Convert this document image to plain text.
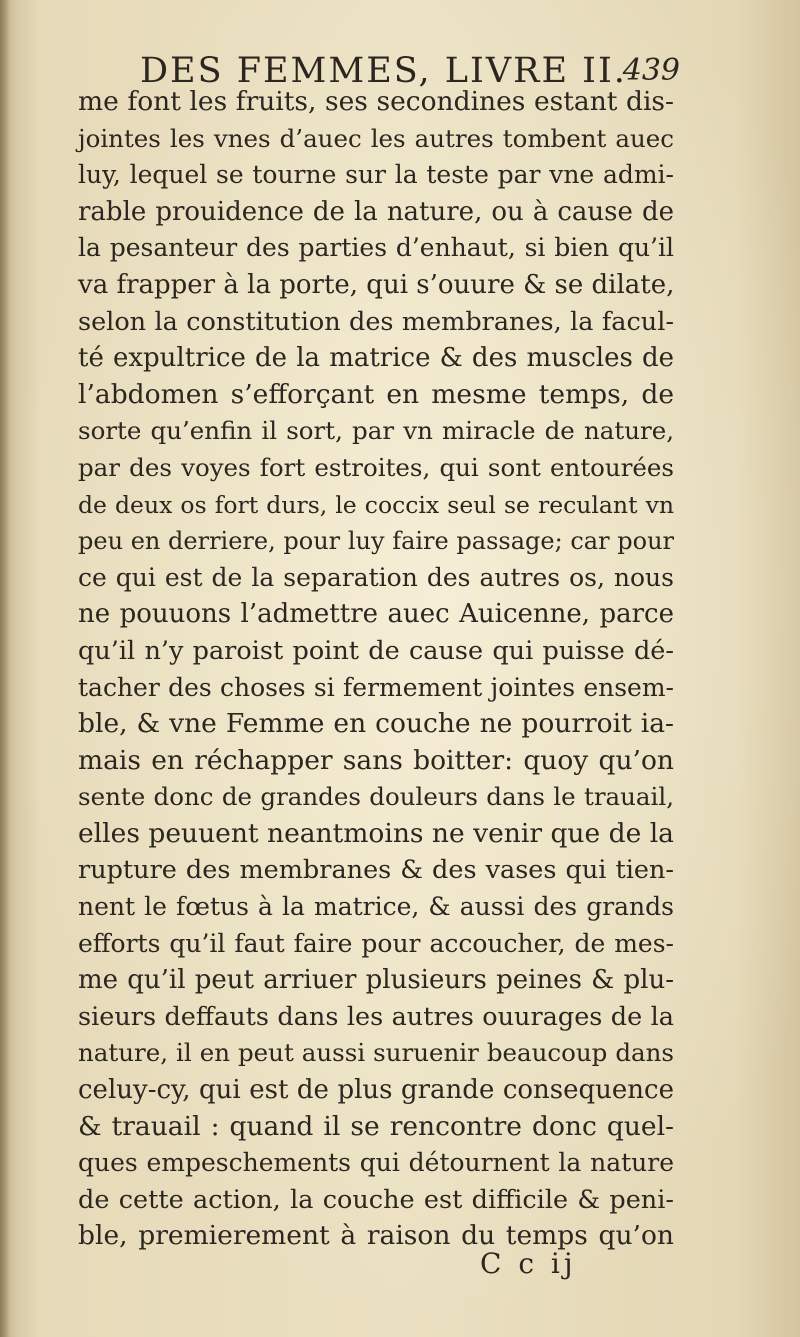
DES FEMMES, LIVRE II.
439
me font les fruits, ses secondines estant dis-
jointes les vnes d’auec les autres tombent auec
luy, lequel se tourne sur la teste par vne admi-
rable prouidence de la nature, ou à cause de
la pesanteur des parties d’enhaut, si bien qu’il
va frapper à la porte, qui s’ouure & se dilate,
selon la constitution des membranes, la facul-
té expultrice de la matrice & des muscles de
l’abdomen s’efforçant en mesme temps, de
sorte qu’enfin il sort, par vn miracle de nature,
par des voyes fort estroites, qui sont entourées
de deux os fort durs, le coccix seul se reculant vn
peu en derriere, pour luy faire passage; car pour
ce qui est de la separation des autres os, nous
ne pouuons l’admettre auec Auicenne, parce
qu’il n’y paroist point de cause qui puisse dé-
tacher des choses si fermement jointes ensem-
ble, & vne Femme en couche ne pourroit ia-
mais en réchapper sans boitter: quoy qu’on
sente donc de grandes douleurs dans le trauail,
elles peuuent neantmoins ne venir que de la
rupture des membranes & des vases qui tien-
nent le fœtus à la matrice, & aussi des grands
efforts qu’il faut faire pour accoucher, de mes-
me qu’il peut arriuer plusieurs peines & plu-
sieurs deffauts dans les autres ouurages de la
nature, il en peut aussi suruenir beaucoup dans
celuy-cy, qui est de plus grande consequence
& trauail : quand il se rencontre donc quel-
ques empeschements qui détournent la nature
de cette action, la couche est difficile & peni-
ble, premierement à raison du temps qu’on
C c ij
